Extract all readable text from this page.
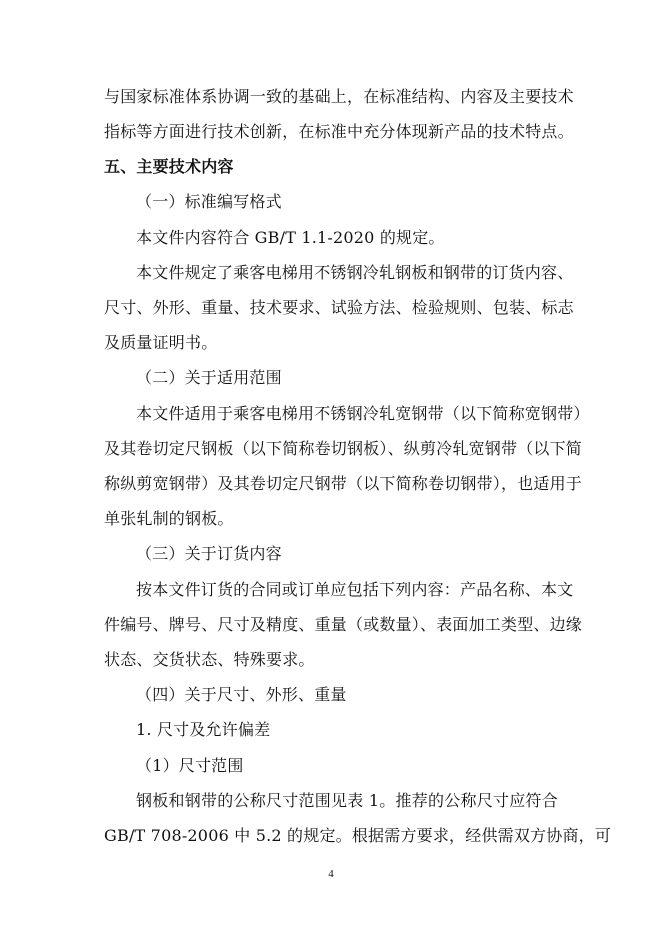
与国家标准体系协调一致的基础上，在标准结构、内容及主要技术
指标等方面进行技术创新，在标准中充分体现新产品的技术特点。
五、主要技术内容
（一）标准编写格式
本文件内容符合 GB/T 1.1-2020 的规定。
本文件规定了乘客电梯用不锈钢冷轧钢板和钢带的订货内容、
尺寸、外形、重量、技术要求、试验方法、检验规则、包装、标志
及质量证明书。
（二）关于适用范围
本文件适用于乘客电梯用不锈钢冷轧宽钢带（以下简称宽钢带）
及其卷切定尺钢板（以下简称卷切钢板）、纵剪冷轧宽钢带（以下简
称纵剪宽钢带）及其卷切定尺钢带（以下简称卷切钢带），也适用于
单张轧制的钢板。
（三）关于订货内容
按本文件订货的合同或订单应包括下列内容：产品名称、本文
件编号、牌号、尺寸及精度、重量（或数量）、表面加工类型、边缘
状态、交货状态、特殊要求。
（四）关于尺寸、外形、重量
1. 尺寸及允许偏差
（1）尺寸范围
钢板和钢带的公称尺寸范围见表 1。推荐的公称尺寸应符合
GB/T 708-2006 中 5.2 的规定。根据需方要求，经供需双方协商，可
4
